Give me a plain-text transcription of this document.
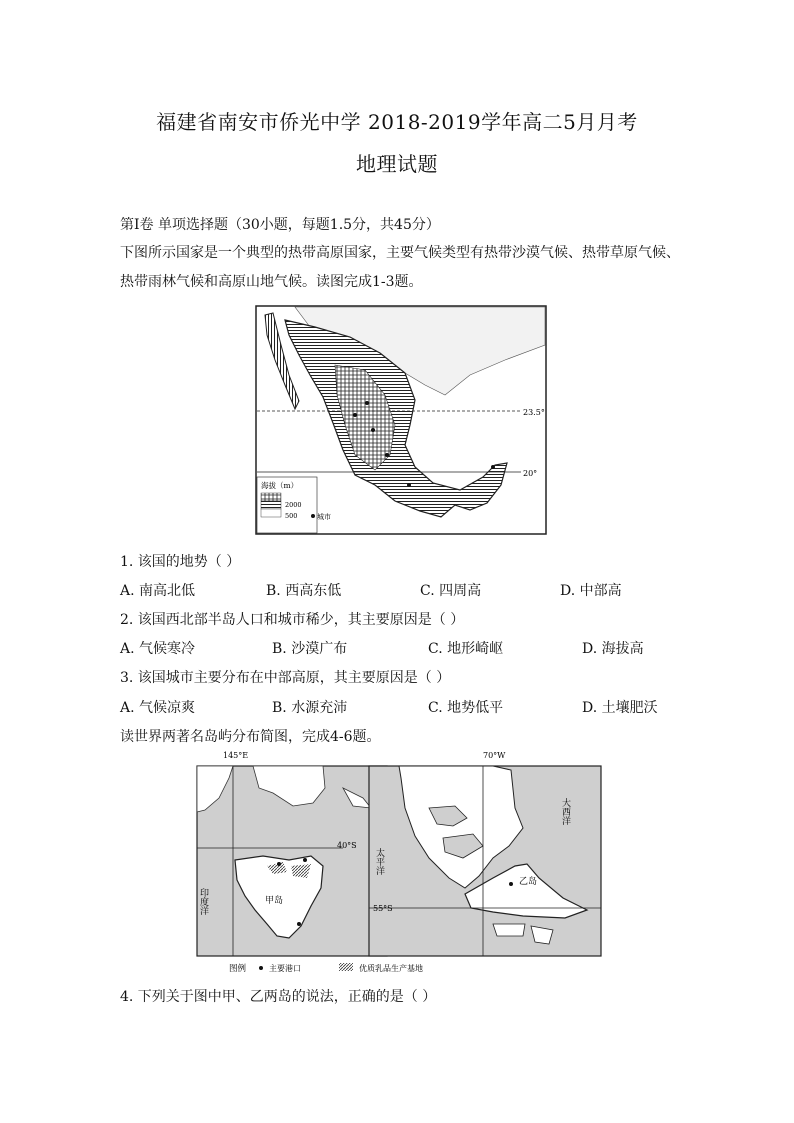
福建省南安市侨光中学 2018-2019学年高二5月月考
地理试题
第Ⅰ卷 单项选择题（30小题，每题1.5分，共45分）
下图所示国家是一个典型的热带高原国家，主要气候类型有热带沙漠气候、热带草原气候、
热带雨林气候和高原山地气候。读图完成1-3题。
23.5°
20°
海拔（m）
2000
500	城市
1. 该国的地势（ ）
A. 南高北低	B. 西高东低	C. 四周高	D. 中部高
2. 该国西北部半岛人口和城市稀少，其主要原因是（ ）
A. 气候寒冷	B. 沙漠广布	C. 地形崎岖	D. 海拔高
3. 该国城市主要分布在中部高原，其主要原因是（ ）
A. 气候凉爽	B. 水源充沛	C. 地势低平	D. 土壤肥沃
读世界两著名岛屿分布简图，完成4-6题。
145°E
40°S
印度洋	甲岛
70°W
55°S
太平洋
大西洋
乙岛
图例	主要港口	优质乳品生产基地
4. 下列关于图中甲、乙两岛的说法，正确的是（ ）
